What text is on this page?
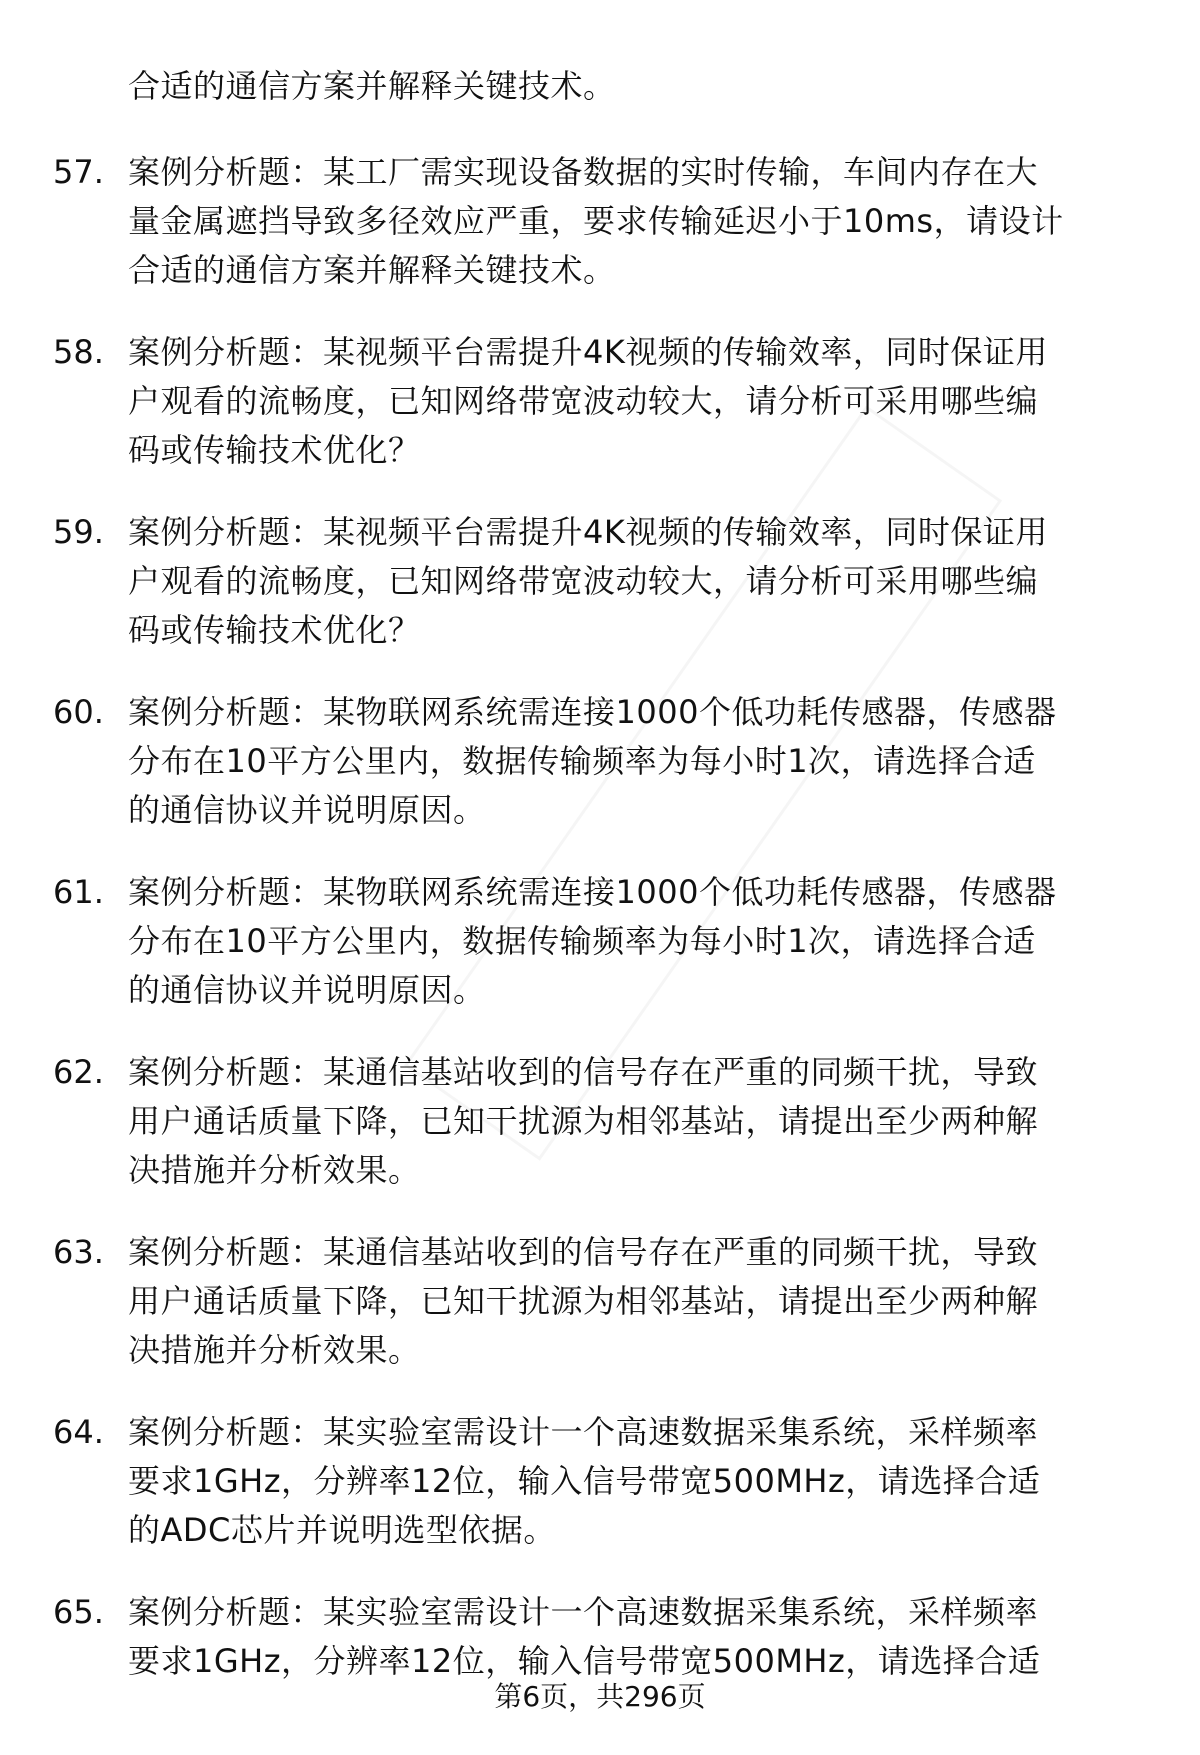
合适的通信方案并解释关键技术。
57. 案例分析题：某工厂需实现设备数据的实时传输，车间内存在大
量金属遮挡导致多径效应严重，要求传输延迟小于10ms，请设计
合适的通信方案并解释关键技术。
58. 案例分析题：某视频平台需提升4K视频的传输效率，同时保证用
户观看的流畅度，已知网络带宽波动较大，请分析可采用哪些编
码或传输技术优化？
59. 案例分析题：某视频平台需提升4K视频的传输效率，同时保证用
户观看的流畅度，已知网络带宽波动较大，请分析可采用哪些编
码或传输技术优化？
60. 案例分析题：某物联网系统需连接1000个低功耗传感器，传感器
分布在10平方公里内，数据传输频率为每小时1次，请选择合适
的通信协议并说明原因。
61. 案例分析题：某物联网系统需连接1000个低功耗传感器，传感器
分布在10平方公里内，数据传输频率为每小时1次，请选择合适
的通信协议并说明原因。
62. 案例分析题：某通信基站收到的信号存在严重的同频干扰，导致
用户通话质量下降，已知干扰源为相邻基站，请提出至少两种解
决措施并分析效果。
63. 案例分析题：某通信基站收到的信号存在严重的同频干扰，导致
用户通话质量下降，已知干扰源为相邻基站，请提出至少两种解
决措施并分析效果。
64. 案例分析题：某实验室需设计一个高速数据采集系统，采样频率
要求1GHz，分辨率12位，输入信号带宽500MHz，请选择合适
的ADC芯片并说明选型依据。
65. 案例分析题：某实验室需设计一个高速数据采集系统，采样频率
要求1GHz，分辨率12位，输入信号带宽500MHz，请选择合适
第6页，共296页
